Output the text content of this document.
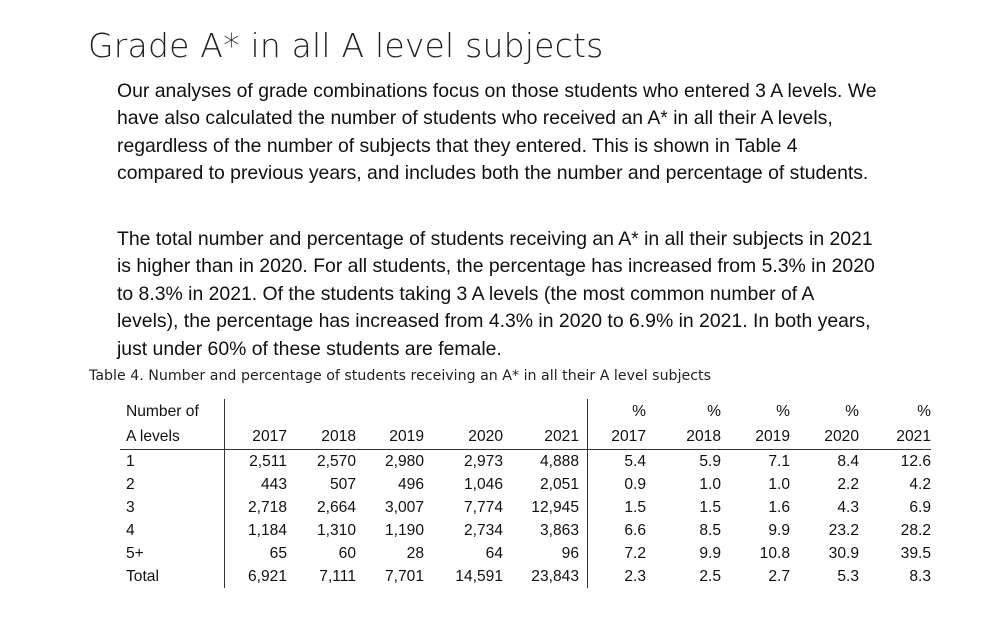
Grade A* in all A level subjects

Our analyses of grade combinations focus on those students who entered 3 A levels. We have also calculated the number of students who received an A* in all their A levels, regardless of the number of subjects that they entered. This is shown in Table 4 compared to previous years, and includes both the number and percentage of students.

The total number and percentage of students receiving an A* in all their subjects in 2021 is higher than in 2020. For all students, the percentage has increased from 5.3% in 2020 to 8.3% in 2021. Of the students taking 3 A levels (the most common number of A levels), the percentage has increased from 4.3% in 2020 to 6.9% in 2021. In both years, just under 60% of these students are female.

Table 4. Number and percentage of students receiving an A* in all their A level subjects
Number of						%	%	%	%	%
A levels	2017	2018	2019	2020	2021	2017	2018	2019	2020	2021
1	2,511	2,570	2,980	2,973	4,888	5.4	5.9	7.1	8.4	12.6
2	443	507	496	1,046	2,051	0.9	1.0	1.0	2.2	4.2
3	2,718	2,664	3,007	7,774	12,945	1.5	1.5	1.6	4.3	6.9
4	1,184	1,310	1,190	2,734	3,863	6.6	8.5	9.9	23.2	28.2
5+	65	60	28	64	96	7.2	9.9	10.8	30.9	39.5
Total	6,921	7,111	7,701	14,591	23,843	2.3	2.5	2.7	5.3	8.3
